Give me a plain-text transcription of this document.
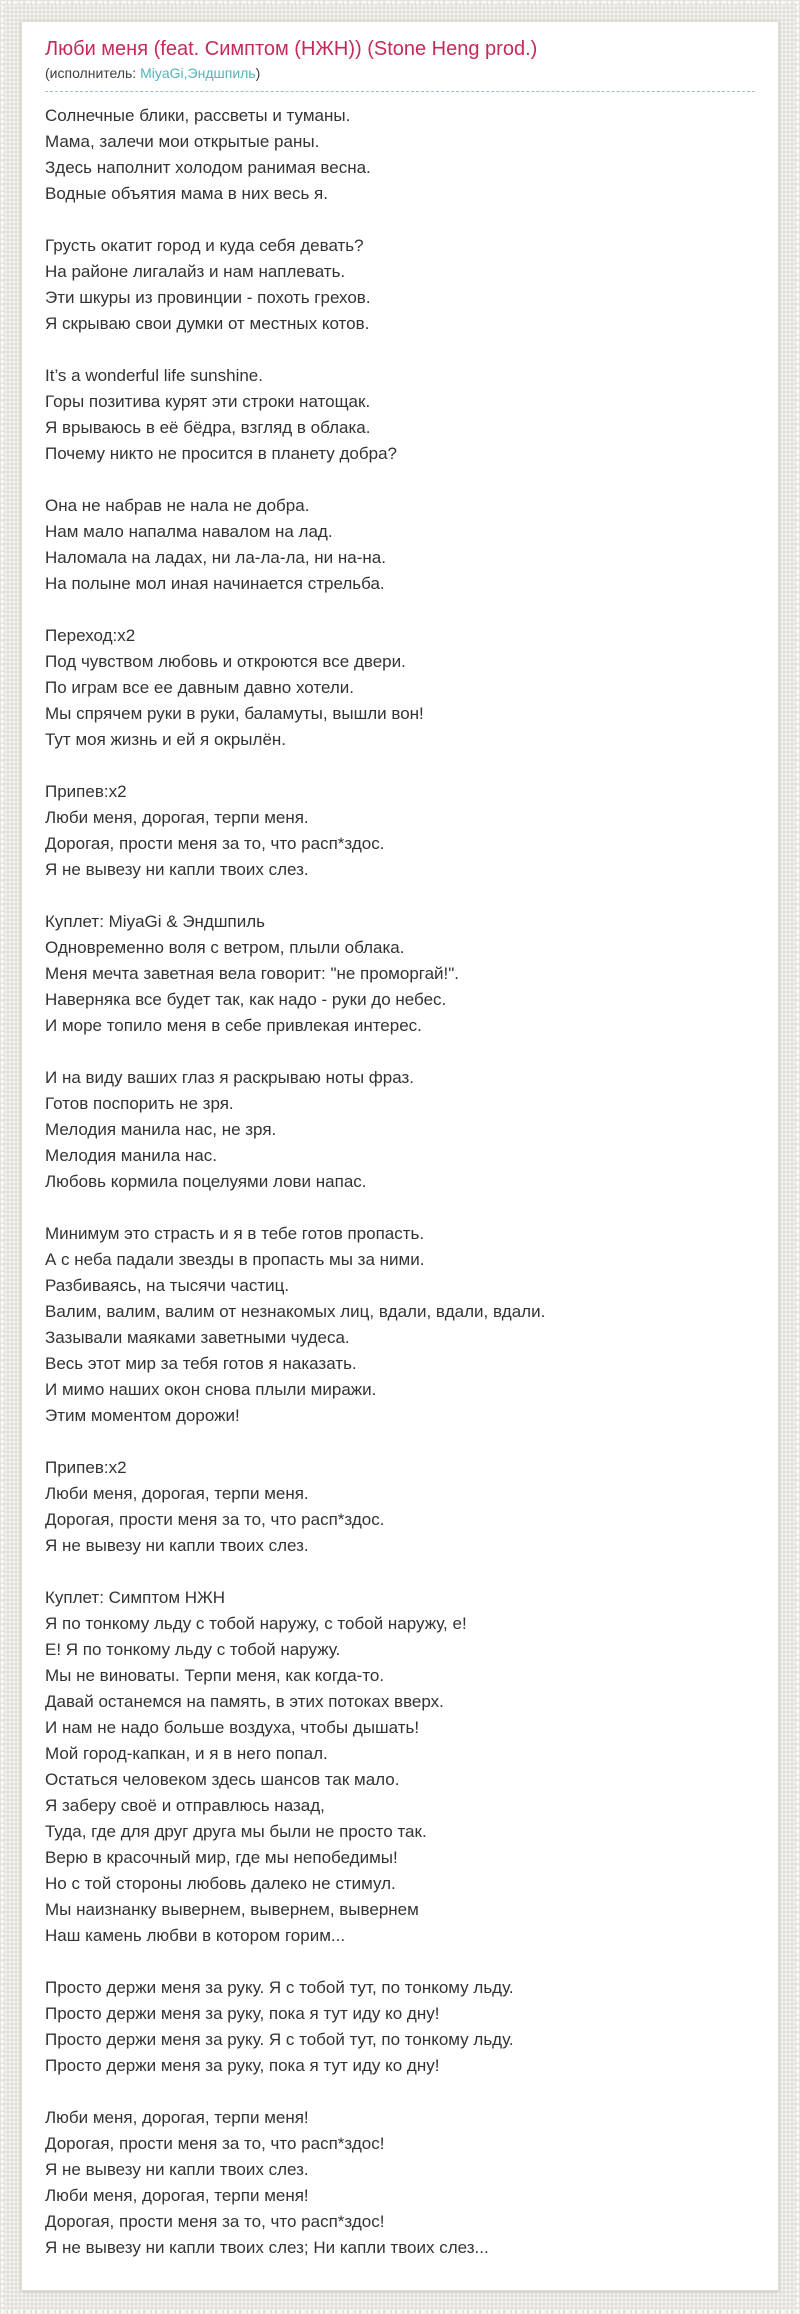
Люби меня (feat. Симптом (НЖН)) (Stone Heng prod.)
(исполнитель: MiyaGi,Эндшпиль)
Солнечные блики, рассветы и туманы.
Мама, залечи мои открытые раны.
Здесь наполнит холодом ранимая весна.
Водные объятия мама в них весь я.

Грусть окатит город и куда себя девать?
На районе лигалайз и нам наплевать.
Эти шкуры из провинции - похоть грехов.
Я скрываю свои думки от местных котов.

It’s a wonderful life sunshine.
Горы позитива курят эти строки натощак.
Я врываюсь в её бёдра, взгляд в облака.
Почему никто не просится в планету добра?

Она не набрав не нала не добра.
Нам мало напалма навалом на лад.
Наломала на ладах, ни ла-ла-ла, ни на-на.
На полыне мол иная начинается стрельба.

Переход:x2
Под чувством любовь и откроются все двери.
По играм все ее давным давно хотели.
Мы спрячем руки в руки, баламуты, вышли вон!
Тут моя жизнь и ей я окрылён.

Припев:x2
Люби меня, дорогая, терпи меня.
Дорогая, прости меня за то, что расп*здос.
Я не вывезу ни капли твоих слез.

Куплет: MiyaGi & Эндшпиль
Одновременно воля с ветром, плыли облака.
Меня мечта заветная вела говорит: "не проморгай!".
Наверняка все будет так, как надо - руки до небес.
И море топило меня в себе привлекая интерес.

И на виду ваших глаз я раскрываю ноты фраз.
Готов поспорить не зря.
Мелодия манила нас, не зря.
Мелодия манила нас.
Любовь кормила поцелуями лови напас.

Минимум это страсть и я в тебе готов пропасть.
А с неба падали звезды в пропасть мы за ними.
Разбиваясь, на тысячи частиц.
Валим, валим, валим от незнакомых лиц, вдали, вдали, вдали.
Зазывали маяками заветными чудеса.
Весь этот мир за тебя готов я наказать.
И мимо наших окон снова плыли миражи.
Этим моментом дорожи!

Припев:x2
Люби меня, дорогая, терпи меня.
Дорогая, прости меня за то, что расп*здос.
Я не вывезу ни капли твоих слез.

Куплет: Симптом НЖН
Я по тонкому льду с тобой наружу, с тобой наружу, е!
Е! Я по тонкому льду с тобой наружу.
Мы не виноваты. Терпи меня, как когда-то.
Давай останемся на память, в этих потоках вверх.
И нам не надо больше воздуха, чтобы дышать!
Мой город-капкан, и я в него попал.
Остаться человеком здесь шансов так мало.
Я заберу своё и отправлюсь назад,
Туда, где для друг друга мы были не просто так.
Верю в красочный мир, где мы непобедимы!
Но с той стороны любовь далеко не стимул.
Мы наизнанку вывернем, вывернем, вывернем
Наш камень любви в котором горим...

Просто держи меня за руку. Я с тобой тут, по тонкому льду.
Просто держи меня за руку, пока я тут иду ко дну!
Просто держи меня за руку. Я с тобой тут, по тонкому льду.
Просто держи меня за руку, пока я тут иду ко дну!

Люби меня, дорогая, терпи меня!
Дорогая, прости меня за то, что расп*здос!
Я не вывезу ни капли твоих слез.
Люби меня, дорогая, терпи меня!
Дорогая, прости меня за то, что расп*здос!
Я не вывезу ни капли твоих слез; Ни капли твоих слез...
